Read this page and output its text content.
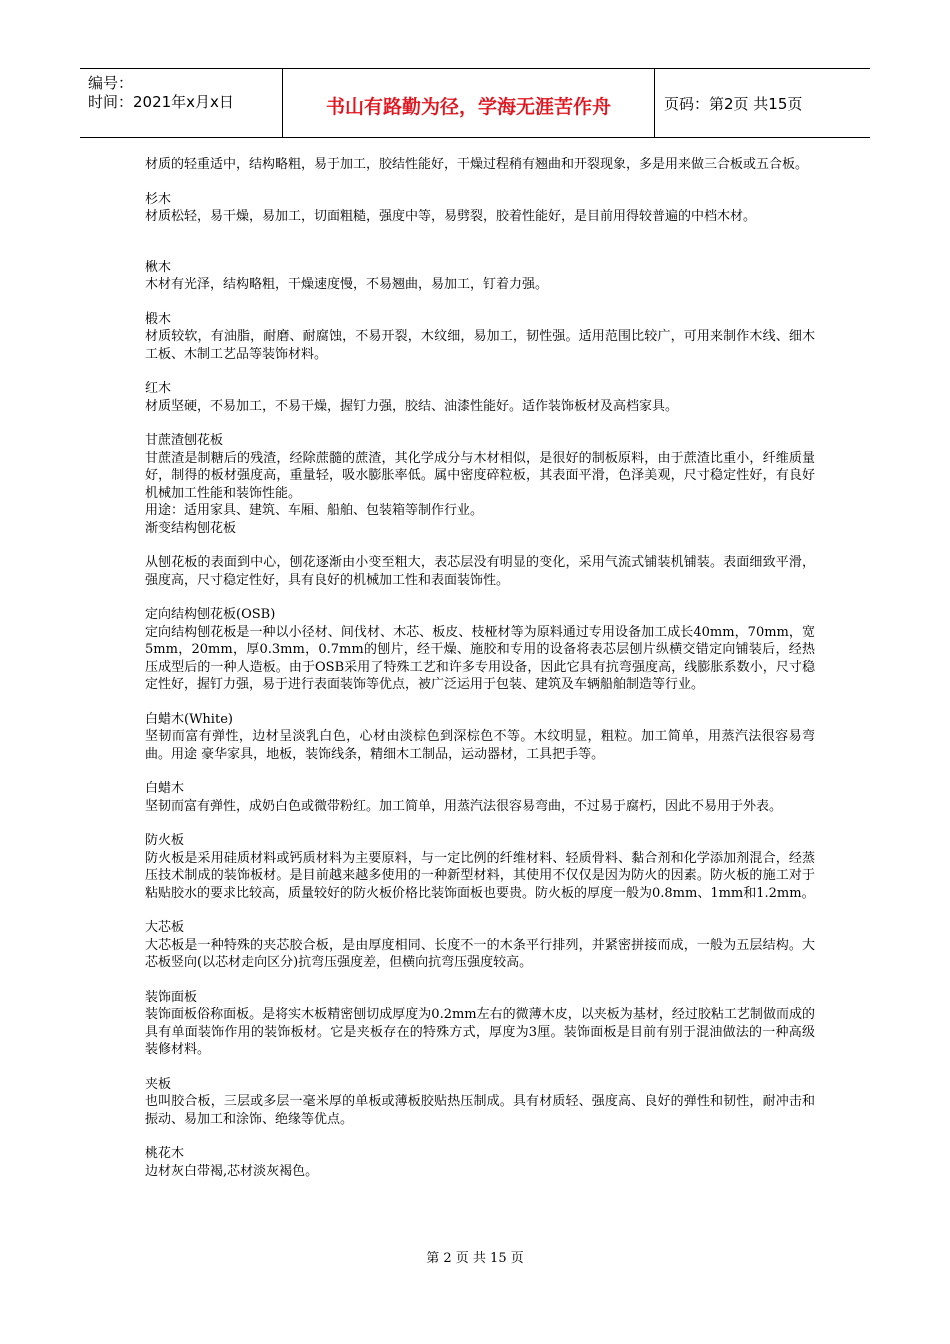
编号：
时间：2021年x月x日	书山有路勤为径，学海无涯苦作舟	页码：第2页 共15页

材质的轻重适中，结构略粗，易于加工，胶结性能好，干燥过程稍有翘曲和开裂现象，多是用来做三合板或五合板。

杉木

材质松轻，易干燥，易加工，切面粗糙，强度中等，易劈裂，胶着性能好，是目前用得较普遍的中档木材。

楸木

木材有光泽，结构略粗，干燥速度慢，不易翘曲，易加工，钉着力强。

椴木

材质较软，有油脂，耐磨、耐腐蚀，不易开裂，木纹细，易加工，韧性强。适用范围比较广，可用来制作木线、细木工板、木制工艺品等装饰材料。

红木

材质坚硬，不易加工，不易干燥，握钉力强，胶结、油漆性能好。适作装饰板材及高档家具。

甘蔗渣刨花板

甘蔗渣是制糖后的残渣，经除蔗髓的蔗渣，其化学成分与木材相似，是很好的制板原料，由于蔗渣比重小，纤维质量好，制得的板材强度高，重量轻，吸水膨胀率低。属中密度碎粒板，其表面平滑，色泽美观，尺寸稳定性好，有良好机械加工性能和装饰性能。

用途：适用家具、建筑、车厢、船舶、包装箱等制作行业。

渐变结构刨花板

从刨花板的表面到中心，刨花逐渐由小变至粗大，表芯层没有明显的变化，采用气流式铺装机铺装。表面细致平滑，强度高，尺寸稳定性好，具有良好的机械加工性和表面装饰性。

定向结构刨花板(OSB)

定向结构刨花板是一种以小径材、间伐材、木芯、板皮、枝桠材等为原料通过专用设备加工成长40mm，70mm，宽5mm，20mm，厚0.3mm，0.7mm的刨片，经干燥、施胶和专用的设备将表芯层刨片纵横交错定向铺装后，经热压成型后的一种人造板。由于OSB采用了特殊工艺和许多专用设备，因此它具有抗弯强度高，线膨胀系数小，尺寸稳定性好，握钉力强，易于进行表面装饰等优点，被广泛运用于包装、建筑及车辆船舶制造等行业。

白蜡木(White)

坚韧而富有弹性，边材呈淡乳白色，心材由淡棕色到深棕色不等。木纹明显，粗粒。加工简单，用蒸汽法很容易弯曲。用途 豪华家具，地板，装饰线条，精细木工制品，运动器材，工具把手等。

白蜡木

坚韧而富有弹性，成奶白色或微带粉红。加工简单，用蒸汽法很容易弯曲，不过易于腐朽，因此不易用于外表。

防火板

防火板是采用硅质材料或钙质材料为主要原料，与一定比例的纤维材料、轻质骨料、黏合剂和化学添加剂混合，经蒸压技术制成的装饰板材。是目前越来越多使用的一种新型材料，其使用不仅仅是因为防火的因素。防火板的施工对于粘贴胶水的要求比较高，质量较好的防火板价格比装饰面板也要贵。防火板的厚度一般为0.8mm、1mm和1.2mm。

大芯板

大芯板是一种特殊的夹芯胶合板，是由厚度相同、长度不一的木条平行排列，并紧密拼接而成，一般为五层结构。大芯板竖向(以芯材走向区分)抗弯压强度差，但横向抗弯压强度较高。

装饰面板

装饰面板俗称面板。是将实木板精密刨切成厚度为0.2mm左右的微薄木皮，以夹板为基材，经过胶粘工艺制做而成的具有单面装饰作用的装饰板材。它是夹板存在的特殊方式，厚度为3厘。装饰面板是目前有别于混油做法的一种高级装修材料。

夹板

也叫胶合板，三层或多层一毫米厚的单板或薄板胶贴热压制成。具有材质轻、强度高、良好的弹性和韧性，耐冲击和振动、易加工和涂饰、绝缘等优点。

桃花木

边材灰白带褐,芯材淡灰褐色。

第 2 页 共 15 页
